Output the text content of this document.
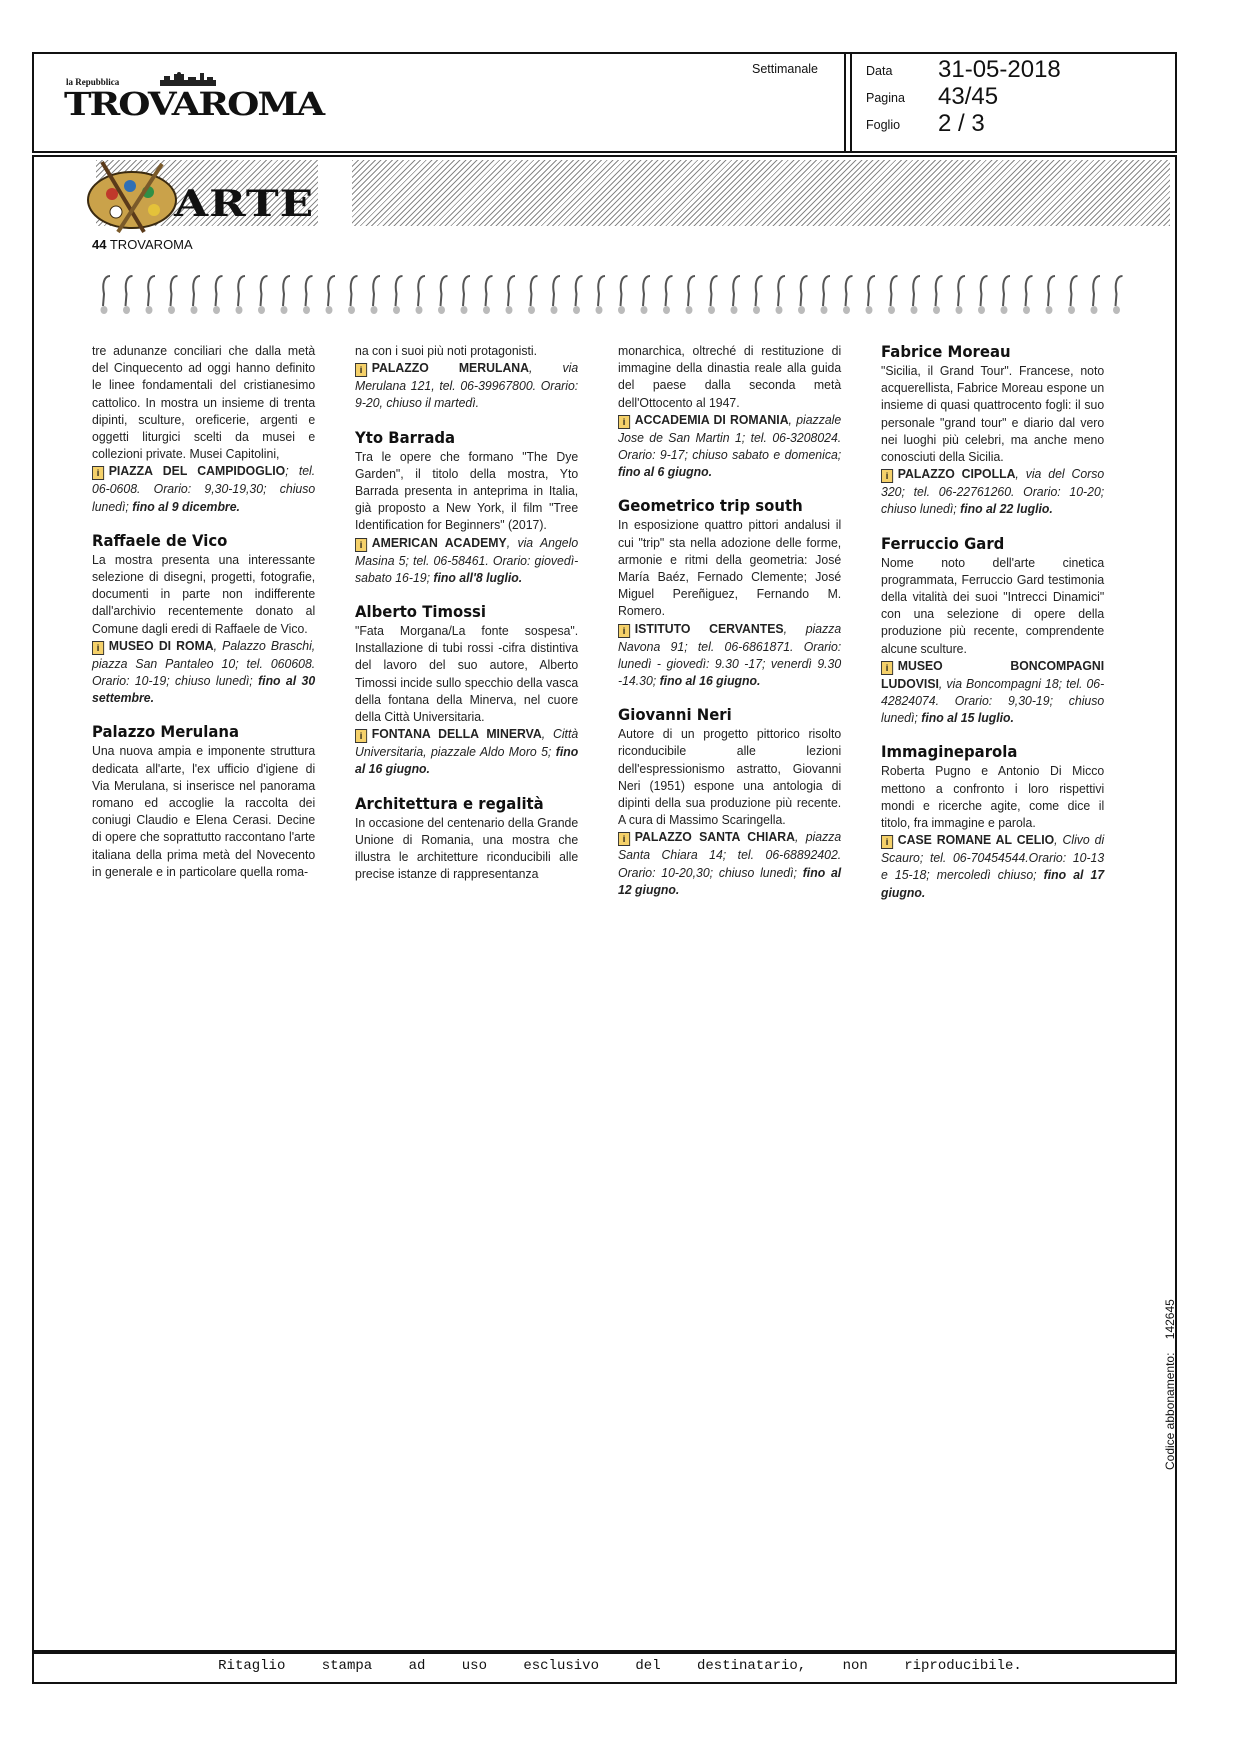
la Repubblica
TROVAROMA
Settimanale	Data 31-05-2018
Pagina 43/45
Foglio 2 / 3
ARTE
44 TROVAROMA

tre adunanze conciliari che dalla metà del Cinquecento ad oggi hanno definito le linee fondamentali del cristianesimo cattolico. In mostra un insieme di trenta dipinti, sculture, oreficerie, argenti e oggetti liturgici scelti da musei e collezioni private. Musei Capitolini,
i PIAZZA DEL CAMPIDOGLIO; tel. 06-0608. Orario: 9,30-19,30; chiuso lunedì; fino al 9 dicembre.

Raffaele de Vico

La mostra presenta una interessante selezione di disegni, progetti, fotografie, documenti in parte non indifferente dall'archivio recentemente donato al Comune dagli eredi di Raffaele de Vico.
i MUSEO DI ROMA, Palazzo Braschi, piazza San Pantaleo 10; tel. 060608. Orario: 10-19; chiuso lunedì; fino al 30 settembre.

Palazzo Merulana

Una nuova ampia e imponente struttura dedicata all'arte, l'ex ufficio d'igiene di Via Merulana, si inserisce nel panorama romano ed accoglie la raccolta dei coniugi Claudio e Elena Cerasi. Decine di opere che soprattutto raccontano l'arte italiana della prima metà del Novecento in generale e in particolare quella roma-

na con i suoi più noti protagonisti.
i PALAZZO MERULANA, via Merulana 121, tel. 06-39967800. Orario: 9-20, chiuso il martedì.

Yto Barrada

Tra le opere che formano "The Dye Garden", il titolo della mostra, Yto Barrada presenta in anteprima in Italia, già proposto a New York, il film "Tree Identification for Beginners" (2017).
i AMERICAN ACADEMY, via Angelo Masina 5; tel. 06-58461. Orario: giovedì-sabato 16-19; fino all'8 luglio.

Alberto Timossi

"Fata Morgana/La fonte sospesa". Installazione di tubi rossi -cifra distintiva del lavoro del suo autore, Alberto Timossi incide sullo specchio della vasca della fontana della Minerva, nel cuore della Città Universitaria.
i FONTANA DELLA MINERVA, Città Universitaria, piazzale Aldo Moro 5; fino al 16 giugno.

Architettura e regalità

In occasione del centenario della Grande Unione di Romania, una mostra che illustra le architetture riconducibili alle precise istanze di rappresentanza

monarchica, oltreché di restituzione di immagine della dinastia reale alla guida del paese dalla seconda metà dell'Ottocento al 1947.
i ACCADEMIA DI ROMANIA, piazzale Jose de San Martin 1; tel. 06-3208024. Orario: 9-17; chiuso sabato e domenica; fino al 6 giugno.

Geometrico trip south

In esposizione quattro pittori andalusi il cui "trip" sta nella adozione delle forme, armonie e ritmi della geometria: José María Baéz, Fernado Clemente; José Miguel Pereñiguez, Fernando M. Romero.
i ISTITUTO CERVANTES, piazza Navona 91; tel. 06-6861871. Orario: lunedì - giovedì: 9.30 -17; venerdì 9.30 -14.30; fino al 16 giugno.

Giovanni Neri

Autore di un progetto pittorico risolto riconducibile alle lezioni dell'espressionismo astratto, Giovanni Neri (1951) espone una antologia di dipinti della sua produzione più recente. A cura di Massimo Scaringella.
i PALAZZO SANTA CHIARA, piazza Santa Chiara 14; tel. 06-68892402. Orario: 10-20,30; chiuso lunedì; fino al 12 giugno.

Fabrice Moreau

"Sicilia, il Grand Tour". Francese, noto acquerellista, Fabrice Moreau espone un insieme di quasi quattrocento fogli: il suo personale "grand tour" e diario dal vero nei luoghi più celebri, ma anche meno conosciuti della Sicilia.
i PALAZZO CIPOLLA, via del Corso 320; tel. 06-22761260. Orario: 10-20; chiuso lunedì; fino al 22 luglio.

Ferruccio Gard

Nome noto dell'arte cinetica programmata, Ferruccio Gard testimonia della vitalità dei suoi "Intrecci Dinamici" con una selezione di opere della produzione più recente, comprendente alcune sculture.
i MUSEO BONCOMPAGNI LUDOVISI, via Boncompagni 18; tel. 06-42824074. Orario: 9,30-19; chiuso lunedì; fino al 15 luglio.

Immagineparola

Roberta Pugno e Antonio Di Micco mettono a confronto i loro rispettivi mondi e ricerche agite, come dice il titolo, fra immagine e parola.
i CASE ROMANE AL CELIO, Clivo di Scauro; tel. 06-70454544.Orario: 10-13 e 15-18; mercoledì chiuso; fino al 17 giugno.

Codice abbonamento:    142645
Ritaglio stampa ad uso esclusivo del destinatario, non riproducibile.
